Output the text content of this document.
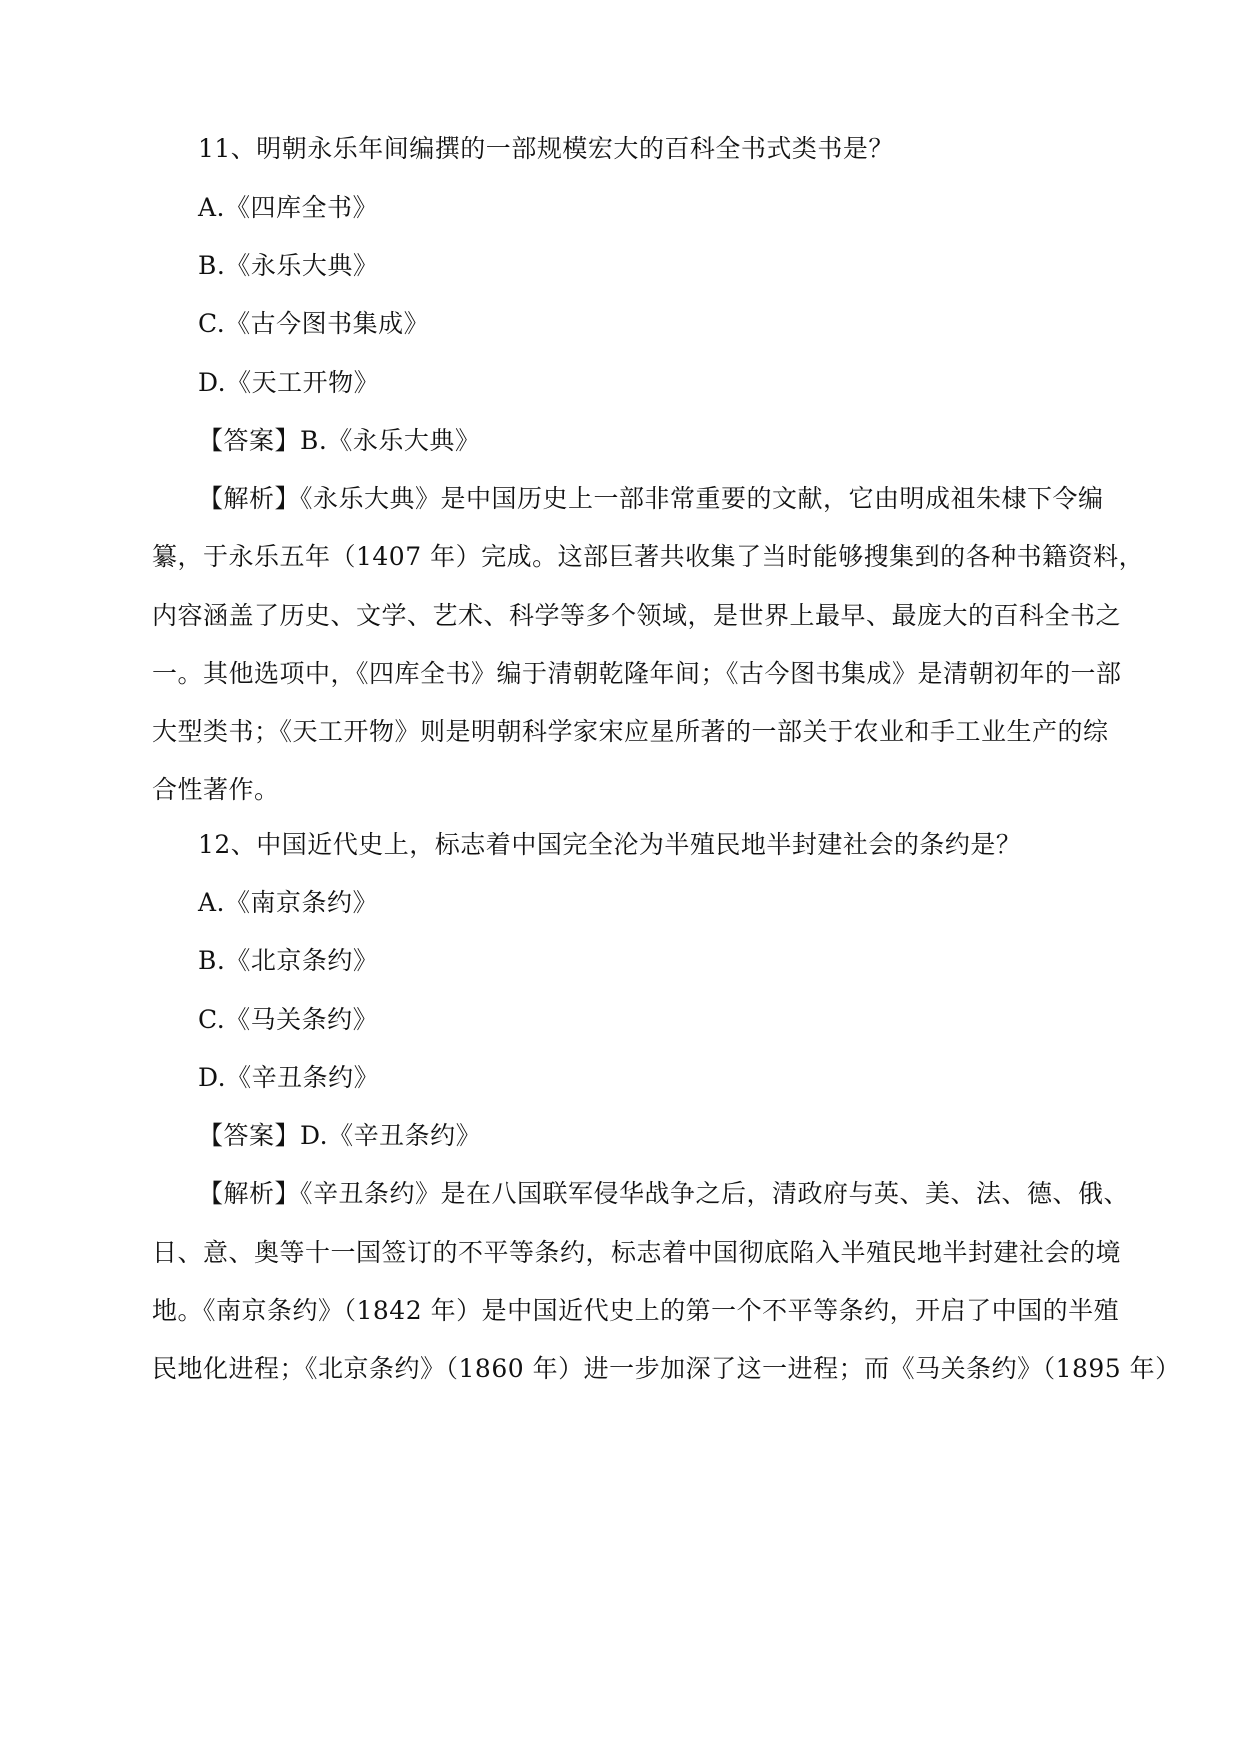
11、明朝永乐年间编撰的一部规模宏大的百科全书式类书是？
A.《四库全书》
B.《永乐大典》
C.《古今图书集成》
D.《天工开物》
【答案】B.《永乐大典》
【解析】《永乐大典》是中国历史上一部非常重要的文献，它由明成祖朱棣下令编
纂，于永乐五年（1407 年）完成。这部巨著共收集了当时能够搜集到的各种书籍资料，
内容涵盖了历史、文学、艺术、科学等多个领域，是世界上最早、最庞大的百科全书之
一。其他选项中，《四库全书》编于清朝乾隆年间；《古今图书集成》是清朝初年的一部
大型类书；《天工开物》则是明朝科学家宋应星所著的一部关于农业和手工业生产的综
合性著作。
12、中国近代史上，标志着中国完全沦为半殖民地半封建社会的条约是？
A.《南京条约》
B.《北京条约》
C.《马关条约》
D.《辛丑条约》
【答案】D.《辛丑条约》
【解析】《辛丑条约》是在八国联军侵华战争之后，清政府与英、美、法、德、俄、
日、意、奥等十一国签订的不平等条约，标志着中国彻底陷入半殖民地半封建社会的境
地。《南京条约》（1842 年）是中国近代史上的第一个不平等条约，开启了中国的半殖
民地化进程；《北京条约》（1860 年）进一步加深了这一进程；而《马关条约》（1895 年）
